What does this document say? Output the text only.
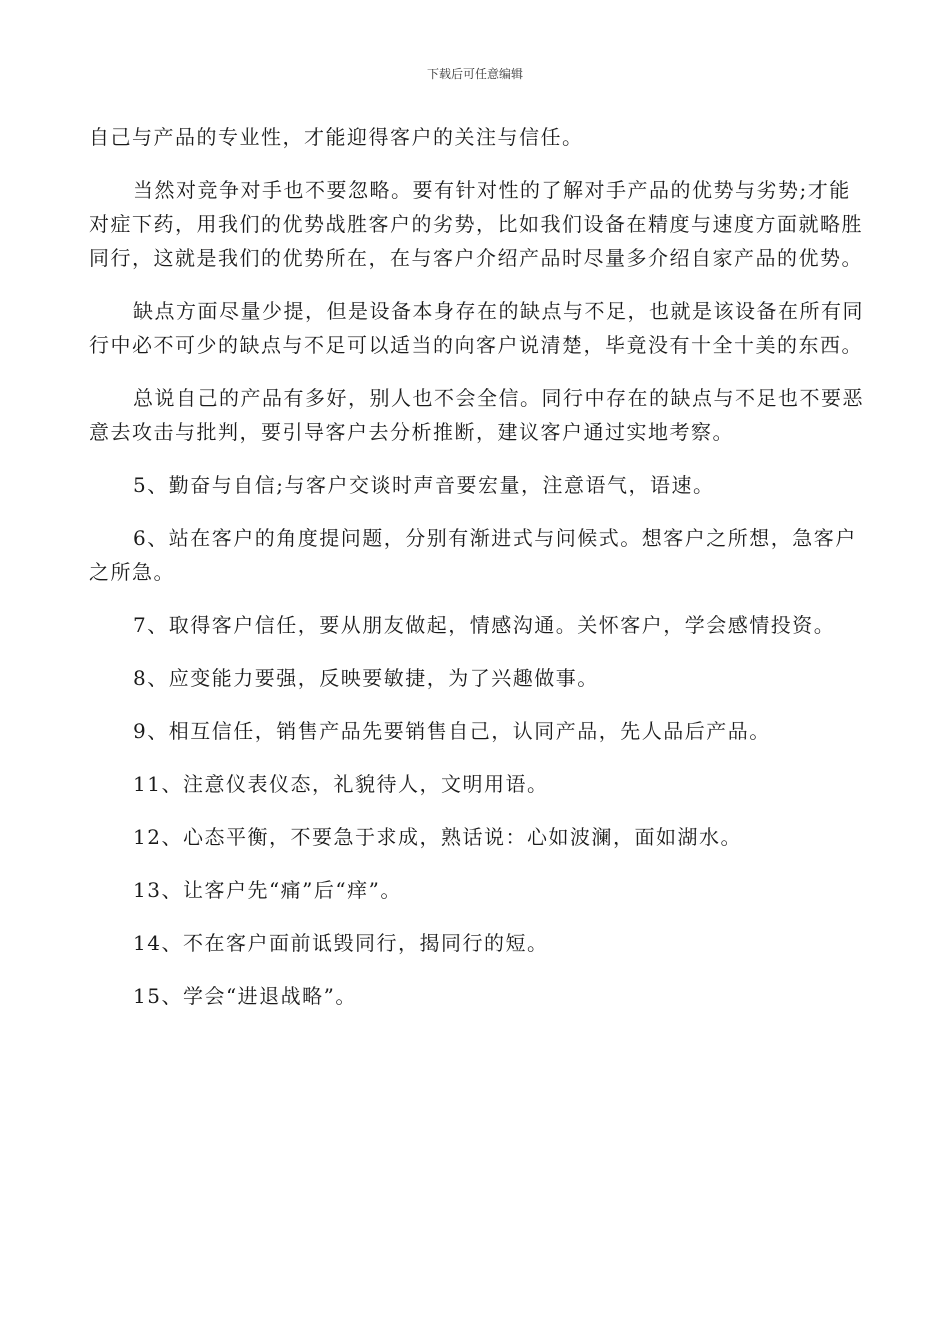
下载后可任意编辑

自己与产品的专业性，才能迎得客户的关注与信任。

当然对竞争对手也不要忽略。要有针对性的了解对手产品的优势与劣势;才能对症下药，用我们的优势战胜客户的劣势，比如我们设备在精度与速度方面就略胜同行，这就是我们的优势所在，在与客户介绍产品时尽量多介绍自家产品的优势。

缺点方面尽量少提，但是设备本身存在的缺点与不足，也就是该设备在所有同行中必不可少的缺点与不足可以适当的向客户说清楚，毕竟没有十全十美的东西。

总说自己的产品有多好，别人也不会全信。同行中存在的缺点与不足也不要恶意去攻击与批判，要引导客户去分析推断，建议客户通过实地考察。

5、勤奋与自信;与客户交谈时声音要宏量，注意语气，语速。

6、站在客户的角度提问题，分别有渐进式与问候式。想客户之所想，急客户之所急。

7、取得客户信任，要从朋友做起，情感沟通。关怀客户，学会感情投资。

8、应变能力要强，反映要敏捷，为了兴趣做事。

9、相互信任，销售产品先要销售自己，认同产品，先人品后产品。

11、注意仪表仪态，礼貌待人，文明用语。

12、心态平衡，不要急于求成，熟话说：心如波澜，面如湖水。

13、让客户先“痛”后“痒”。

14、不在客户面前诋毁同行，揭同行的短。

15、学会“进退战略”。
